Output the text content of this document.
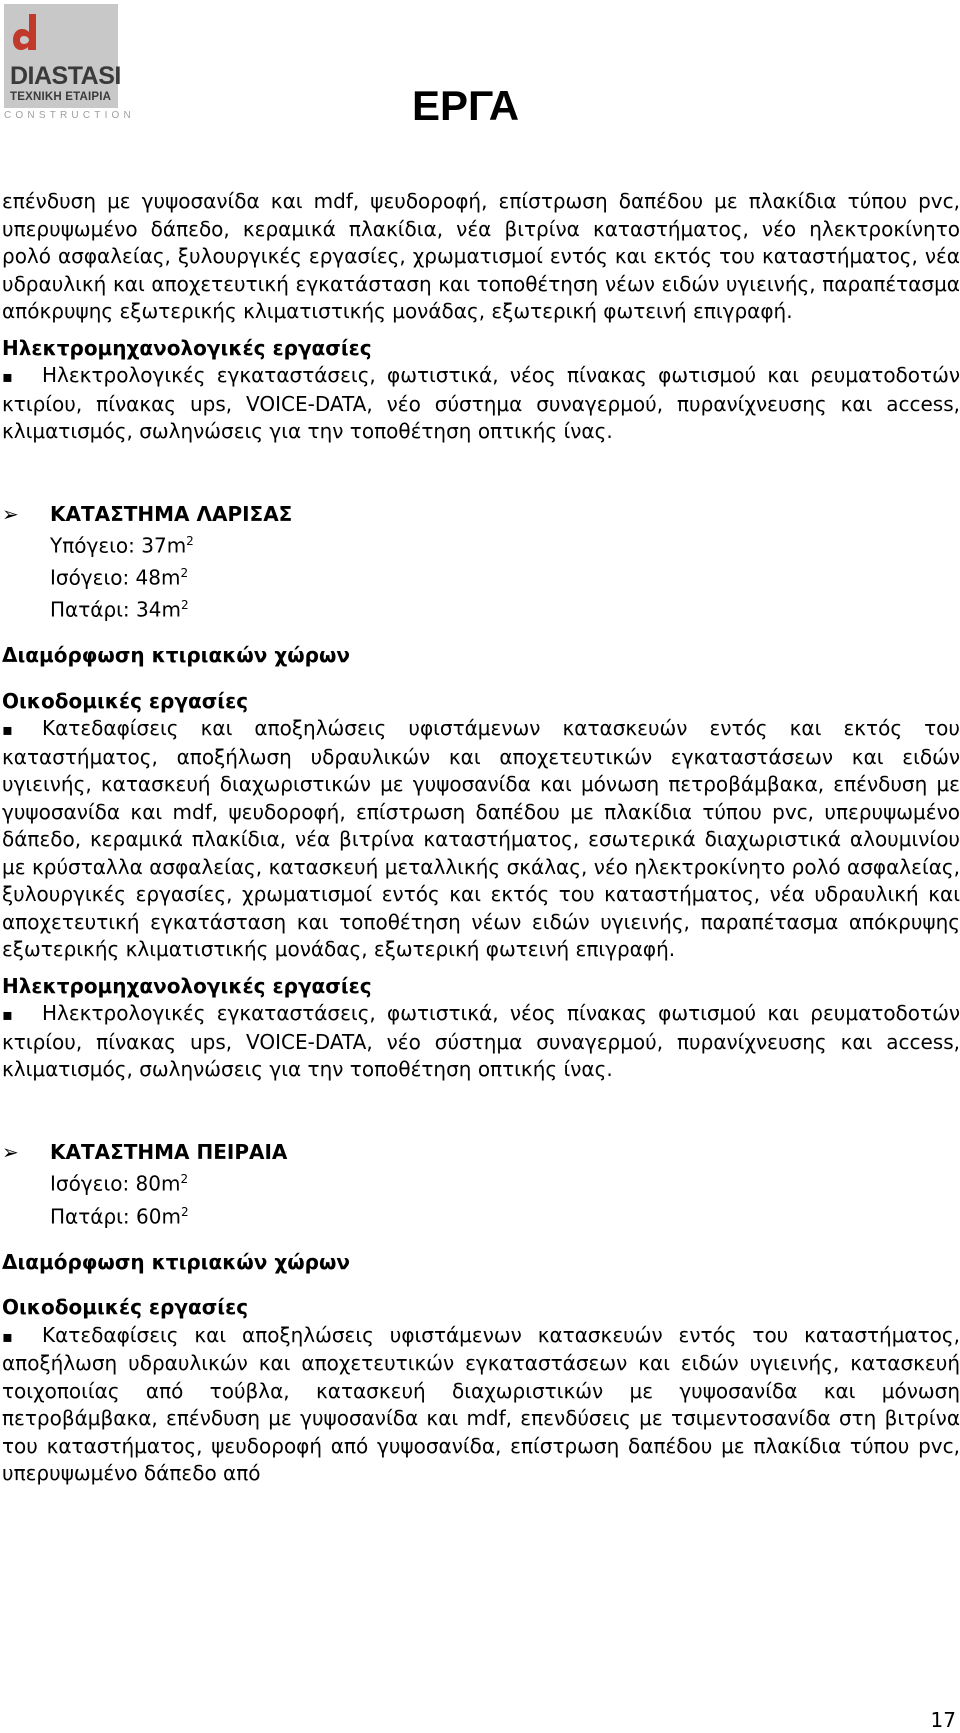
DIASTASI
ΤΕΧΝΙΚΗ ΕΤΑΙΡΙΑ
CONSTRUCTION	ΕΡΓΑ

επένδυση με γυψοσανίδα και mdf, ψευδοροφή, επίστρωση δαπέδου με πλακίδια τύπου pvc, υπερυψωμένο δάπεδο, κεραμικά πλακίδια, νέα βιτρίνα καταστήματος, νέο ηλεκτροκίνητο ρολό ασφαλείας, ξυλουργικές εργασίες, χρωματισμοί εντός και εκτός του καταστήματος, νέα υδραυλική και αποχετευτική εγκατάσταση και τοποθέτηση νέων ειδών υγιεινής, παραπέτασμα απόκρυψης εξωτερικής κλιματιστικής μονάδας, εξωτερική φωτεινή επιγραφή.

Ηλεκτρομηχανολογικές εργασίες

▪ Ηλεκτρολογικές εγκαταστάσεις, φωτιστικά, νέος πίνακας φωτισμού και ρευματοδοτών κτιρίου, πίνακας ups, VOICE-DATA, νέο σύστημα συναγερμού, πυρανίχνευσης και access, κλιματισμός, σωληνώσεις για την τοποθέτηση οπτικής ίνας.

➢ ΚΑΤΑΣΤΗΜΑ ΛΑΡΙΣΑΣ

Υπόγειο: $37m^2$

Ισόγειο: $48m^2$

Πατάρι: $34m^2$

Διαμόρφωση κτιριακών χώρων

Οικοδομικές εργασίες

▪ Κατεδαφίσεις και αποξηλώσεις υφιστάμενων κατασκευών εντός και εκτός του καταστήματος, αποξήλωση υδραυλικών και αποχετευτικών εγκαταστάσεων και ειδών υγιεινής, κατασκευή διαχωριστικών με γυψοσανίδα και μόνωση πετροβάμβακα, επένδυση με γυψοσανίδα και mdf, ψευδοροφή, επίστρωση δαπέδου με πλακίδια τύπου pvc, υπερυψωμένο δάπεδο, κεραμικά πλακίδια, νέα βιτρίνα καταστήματος, εσωτερικά διαχωριστικά αλουμινίου με κρύσταλλα ασφαλείας, κατασκευή μεταλλικής σκάλας, νέο ηλεκτροκίνητο ρολό ασφαλείας, ξυλουργικές εργασίες, χρωματισμοί εντός και εκτός του καταστήματος, νέα υδραυλική και αποχετευτική εγκατάσταση και τοποθέτηση νέων ειδών υγιεινής, παραπέτασμα απόκρυψης εξωτερικής κλιματιστικής μονάδας, εξωτερική φωτεινή επιγραφή.

Ηλεκτρομηχανολογικές εργασίες

▪ Ηλεκτρολογικές εγκαταστάσεις, φωτιστικά, νέος πίνακας φωτισμού και ρευματοδοτών κτιρίου, πίνακας ups, VOICE-DATA, νέο σύστημα συναγερμού, πυρανίχνευσης και access, κλιματισμός, σωληνώσεις για την τοποθέτηση οπτικής ίνας.

➢ ΚΑΤΑΣΤΗΜΑ ΠΕΙΡΑΙΑ

Ισόγειο: $80m^2$

Πατάρι: $60m^2$

Διαμόρφωση κτιριακών χώρων

Οικοδομικές εργασίες

▪ Κατεδαφίσεις και αποξηλώσεις υφιστάμενων κατασκευών εντός του καταστήματος, αποξήλωση υδραυλικών και αποχετευτικών εγκαταστάσεων και ειδών υγιεινής, κατασκευή τοιχοποιίας από τούβλα, κατασκευή διαχωριστικών με γυψοσανίδα και μόνωση πετροβάμβακα, επένδυση με γυψοσανίδα και mdf, επενδύσεις με τσιμεντοσανίδα στη βιτρίνα του καταστήματος, ψευδοροφή από γυψοσανίδα, επίστρωση δαπέδου με πλακίδια τύπου pvc, υπερυψωμένο δάπεδο από

17
